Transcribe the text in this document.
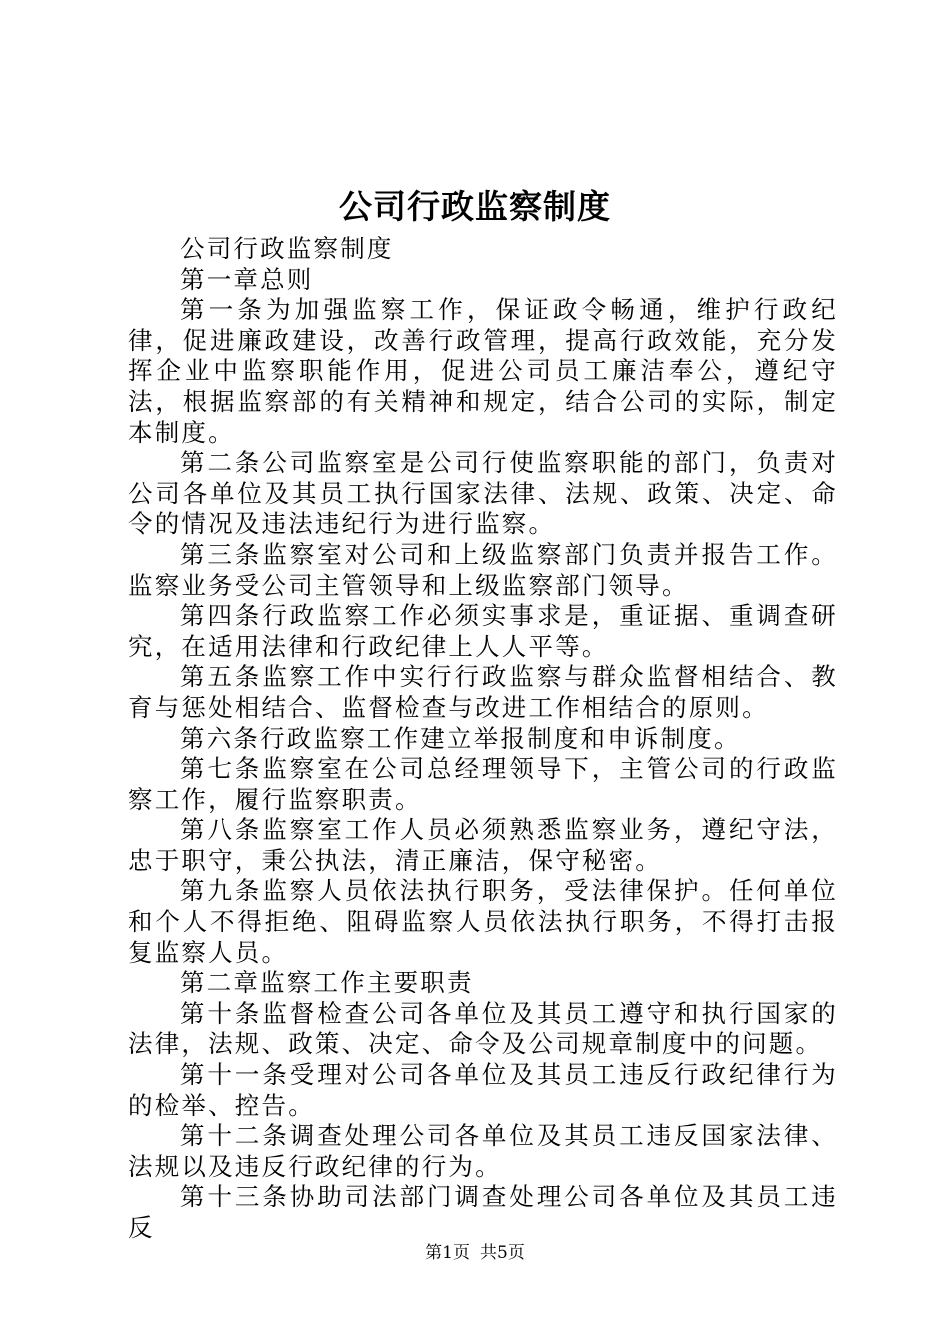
公司行政监察制度

公司行政监察制度

第一章总则

第一条为加强监察工作，保证政令畅通，维护行政纪律，促进廉政建设，改善行政管理，提高行政效能，充分发挥企业中监察职能作用，促进公司员工廉洁奉公，遵纪守法，根据监察部的有关精神和规定，结合公司的实际，制定本制度。

第二条公司监察室是公司行使监察职能的部门，负责对公司各单位及其员工执行国家法律、法规、政策、决定、命令的情况及违法违纪行为进行监察。

第三条监察室对公司和上级监察部门负责并报告工作。监察业务受公司主管领导和上级监察部门领导。

第四条行政监察工作必须实事求是，重证据、重调查研究，在适用法律和行政纪律上人人平等。

第五条监察工作中实行行政监察与群众监督相结合、教育与惩处相结合、监督检查与改进工作相结合的原则。

第六条行政监察工作建立举报制度和申诉制度。

第七条监察室在公司总经理领导下，主管公司的行政监察工作，履行监察职责。

第八条监察室工作人员必须熟悉监察业务，遵纪守法，忠于职守，秉公执法，清正廉洁，保守秘密。

第九条监察人员依法执行职务，受法律保护。任何单位和个人不得拒绝、阻碍监察人员依法执行职务，不得打击报复监察人员。

第二章监察工作主要职责

第十条监督检查公司各单位及其员工遵守和执行国家的法律，法规、政策、决定、命令及公司规章制度中的问题。

第十一条受理对公司各单位及其员工违反行政纪律行为的检举、控告。

第十二条调查处理公司各单位及其员工违反国家法律、法规以及违反行政纪律的行为。

第十三条协助司法部门调查处理公司各单位及其员工违反

第1页 共5页
